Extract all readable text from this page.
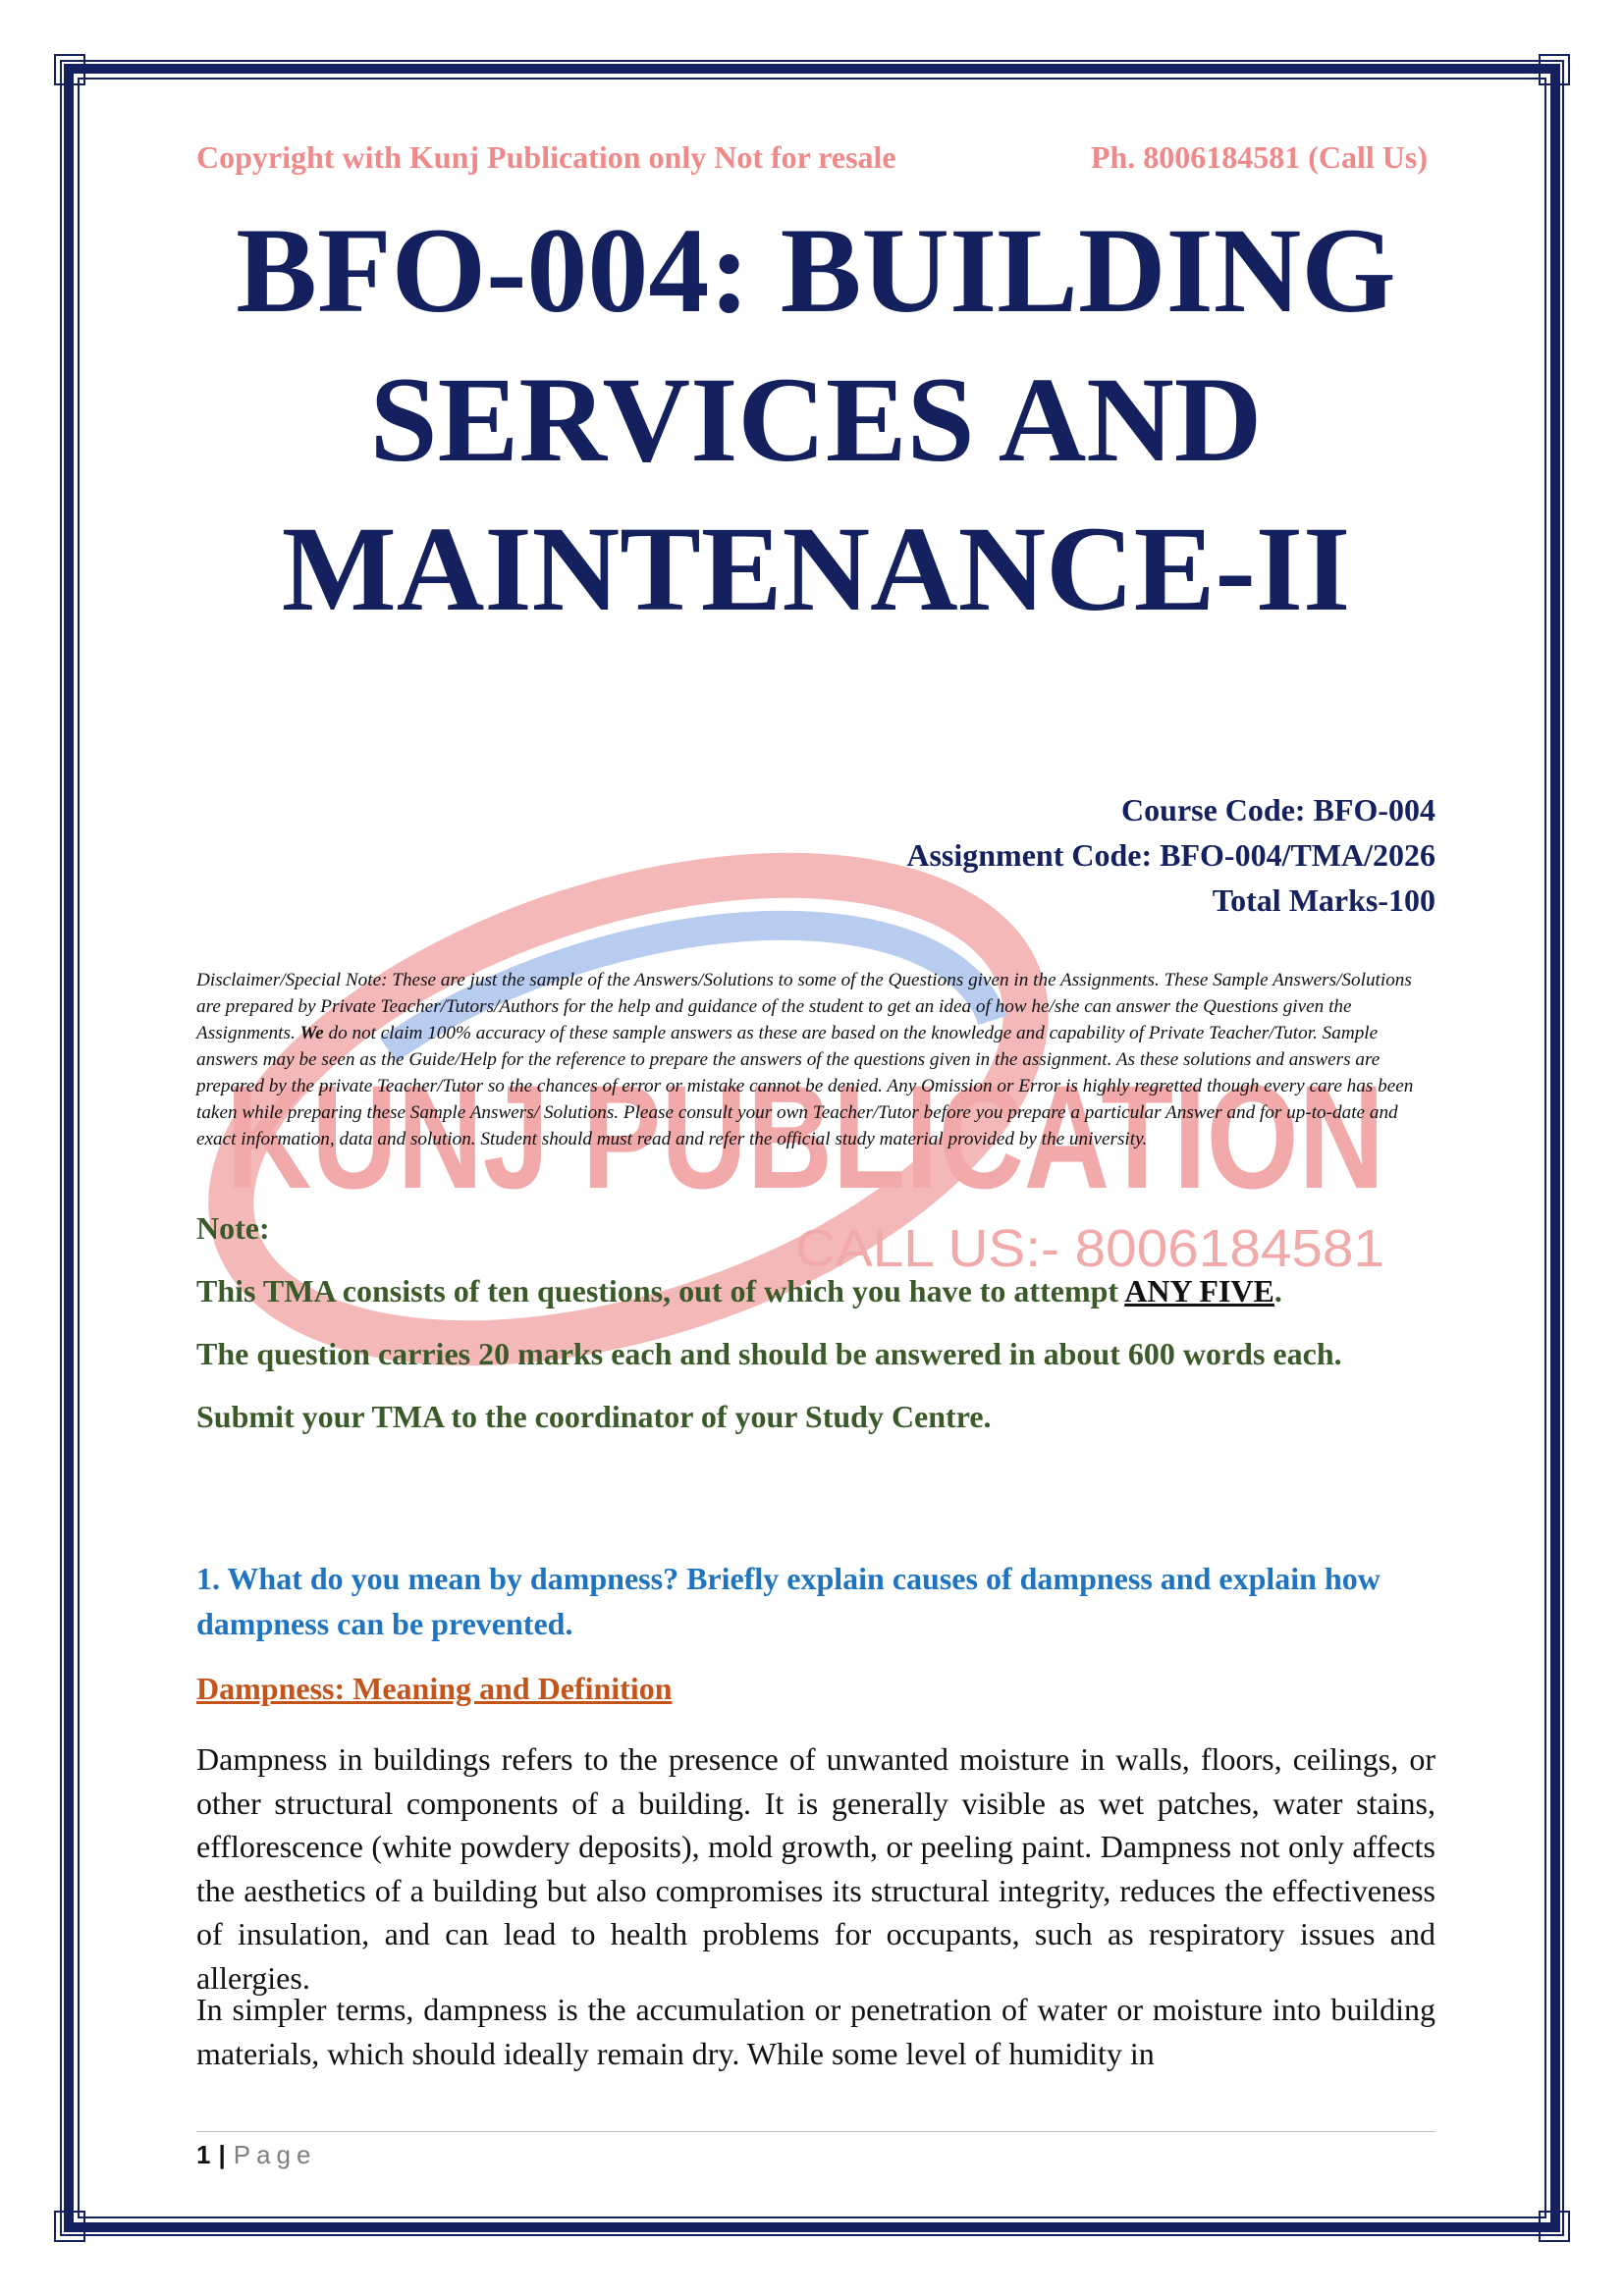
KUNJ PUBLICATION
CALL US:- 8006184581
Copyright with Kunj Publication only Not for resale	Ph. 8006184581 (Call Us)
BFO-004: BUILDING
SERVICES AND
MAINTENANCE-II
Course Code: BFO-004
Assignment Code: BFO-004/TMA/2026
Total Marks-100

Disclaimer/Special Note: These are just the sample of the Answers/Solutions to some of the Questions given in the Assignments. These Sample Answers/Solutions are prepared by Private Teacher/Tutors/Authors for the help and guidance of the student to get an idea of how he/she can answer the Questions given the Assignments. We do not claim 100% accuracy of these sample answers as these are based on the knowledge and capability of Private Teacher/Tutor. Sample answers may be seen as the Guide/Help for the reference to prepare the answers of the questions given in the assignment. As these solutions and answers are prepared by the private Teacher/Tutor so the chances of error or mistake cannot be denied. Any Omission or Error is highly regretted though every care has been taken while preparing these Sample Answers/ Solutions. Please consult your own Teacher/Tutor before you prepare a particular Answer and for up-to-date and exact information, data and solution. Student should must read and refer the official study material provided by the university.

Note:

This TMA consists of ten questions, out of which you have to attempt ANY FIVE.

The question carries 20 marks each and should be answered in about 600 words each.

Submit your TMA to the coordinator of your Study Centre.

1. What do you mean by dampness? Briefly explain causes of dampness and explain how dampness can be prevented.

Dampness: Meaning and Definition

Dampness in buildings refers to the presence of unwanted moisture in walls, floors, ceilings, or other structural components of a building. It is generally visible as wet patches, water stains, efflorescence (white powdery deposits), mold growth, or peeling paint. Dampness not only affects the aesthetics of a building but also compromises its structural integrity, reduces the effectiveness of insulation, and can lead to health problems for occupants, such as respiratory issues and allergies.

In simpler terms, dampness is the accumulation or penetration of water or moisture into building materials, which should ideally remain dry. While some level of humidity in

1 | Page
